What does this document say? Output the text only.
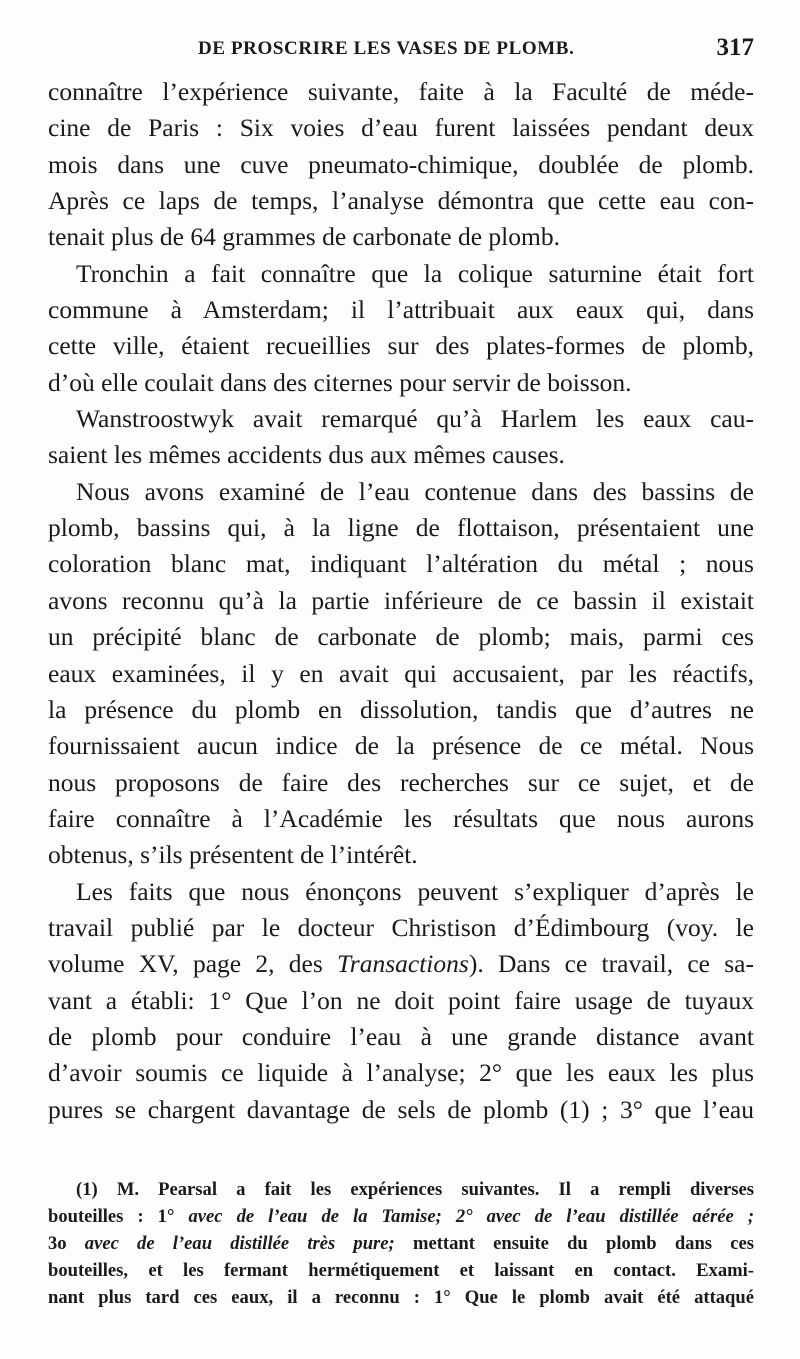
DE PROSCRIRE LES VASES DE PLOMB.	317
connaître l’expérience suivante, faite à la Faculté de méde-
cine de Paris : Six voies d’eau furent laissées pendant deux
mois dans une cuve pneumato-chimique, doublée de plomb.
Après ce laps de temps, l’analyse démontra que cette eau con-
tenait plus de 64 grammes de carbonate de plomb.
Tronchin a fait connaître que la colique saturnine était fort
commune à Amsterdam; il l’attribuait aux eaux qui, dans
cette ville, étaient recueillies sur des plates-formes de plomb,
d’où elle coulait dans des citernes pour servir de boisson.
Wanstroostwyk avait remarqué qu’à Harlem les eaux cau-
saient les mêmes accidents dus aux mêmes causes.
Nous avons examiné de l’eau contenue dans des bassins de
plomb, bassins qui, à la ligne de flottaison, présentaient une
coloration blanc mat, indiquant l’altération du métal ; nous
avons reconnu qu’à la partie inférieure de ce bassin il existait
un précipité blanc de carbonate de plomb; mais, parmi ces
eaux examinées, il y en avait qui accusaient, par les réactifs,
la présence du plomb en dissolution, tandis que d’autres ne
fournissaient aucun indice de la présence de ce métal. Nous
nous proposons de faire des recherches sur ce sujet, et de
faire connaître à l’Académie les résultats que nous aurons
obtenus, s’ils présentent de l’intérêt.
Les faits que nous énonçons peuvent s’expliquer d’après le
travail publié par le docteur Christison d’Édimbourg (voy. le
volume XV, page 2, des Transactions). Dans ce travail, ce sa-
vant a établi: 1° Que l’on ne doit point faire usage de tuyaux
de plomb pour conduire l’eau à une grande distance avant
d’avoir soumis ce liquide à l’analyse; 2° que les eaux les plus
pures se chargent davantage de sels de plomb (1) ; 3° que l’eau
(1) M. Pearsal a fait les expériences suivantes. Il a rempli diverses
bouteilles : 1° avec de l’eau de la Tamise; 2° avec de l’eau distillée aérée ;
3o avec de l’eau distillée très pure; mettant ensuite du plomb dans ces
bouteilles, et les fermant hermétiquement et laissant en contact. Exami-
nant plus tard ces eaux, il a reconnu : 1° Que le plomb avait été attaqué
